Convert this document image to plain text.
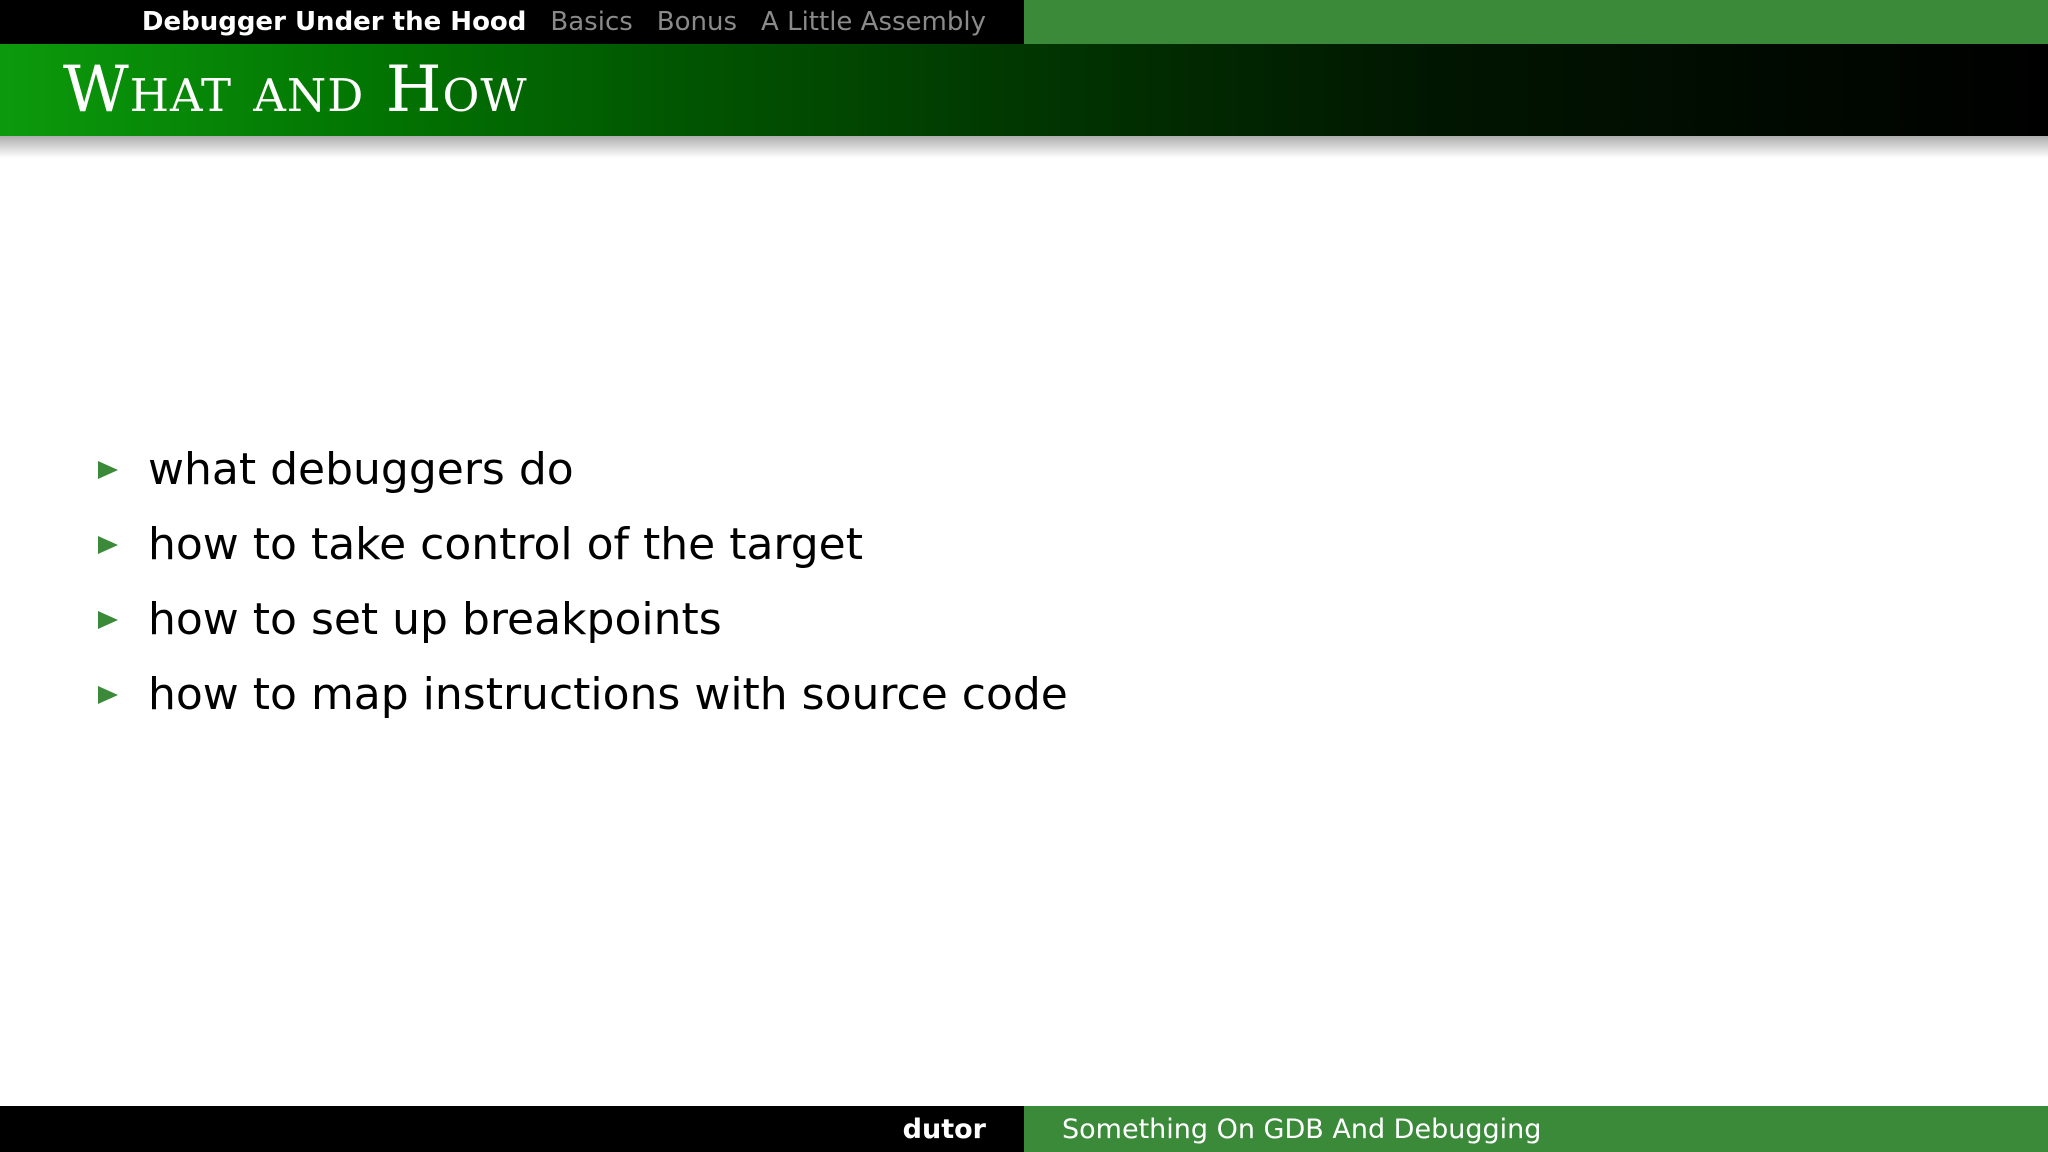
Debugger Under the Hood Basics Bonus A Little Assembly
What and How
what debuggers do
how to take control of the target
how to set up breakpoints
how to map instructions with source code
dutor	Something On GDB And Debugging
